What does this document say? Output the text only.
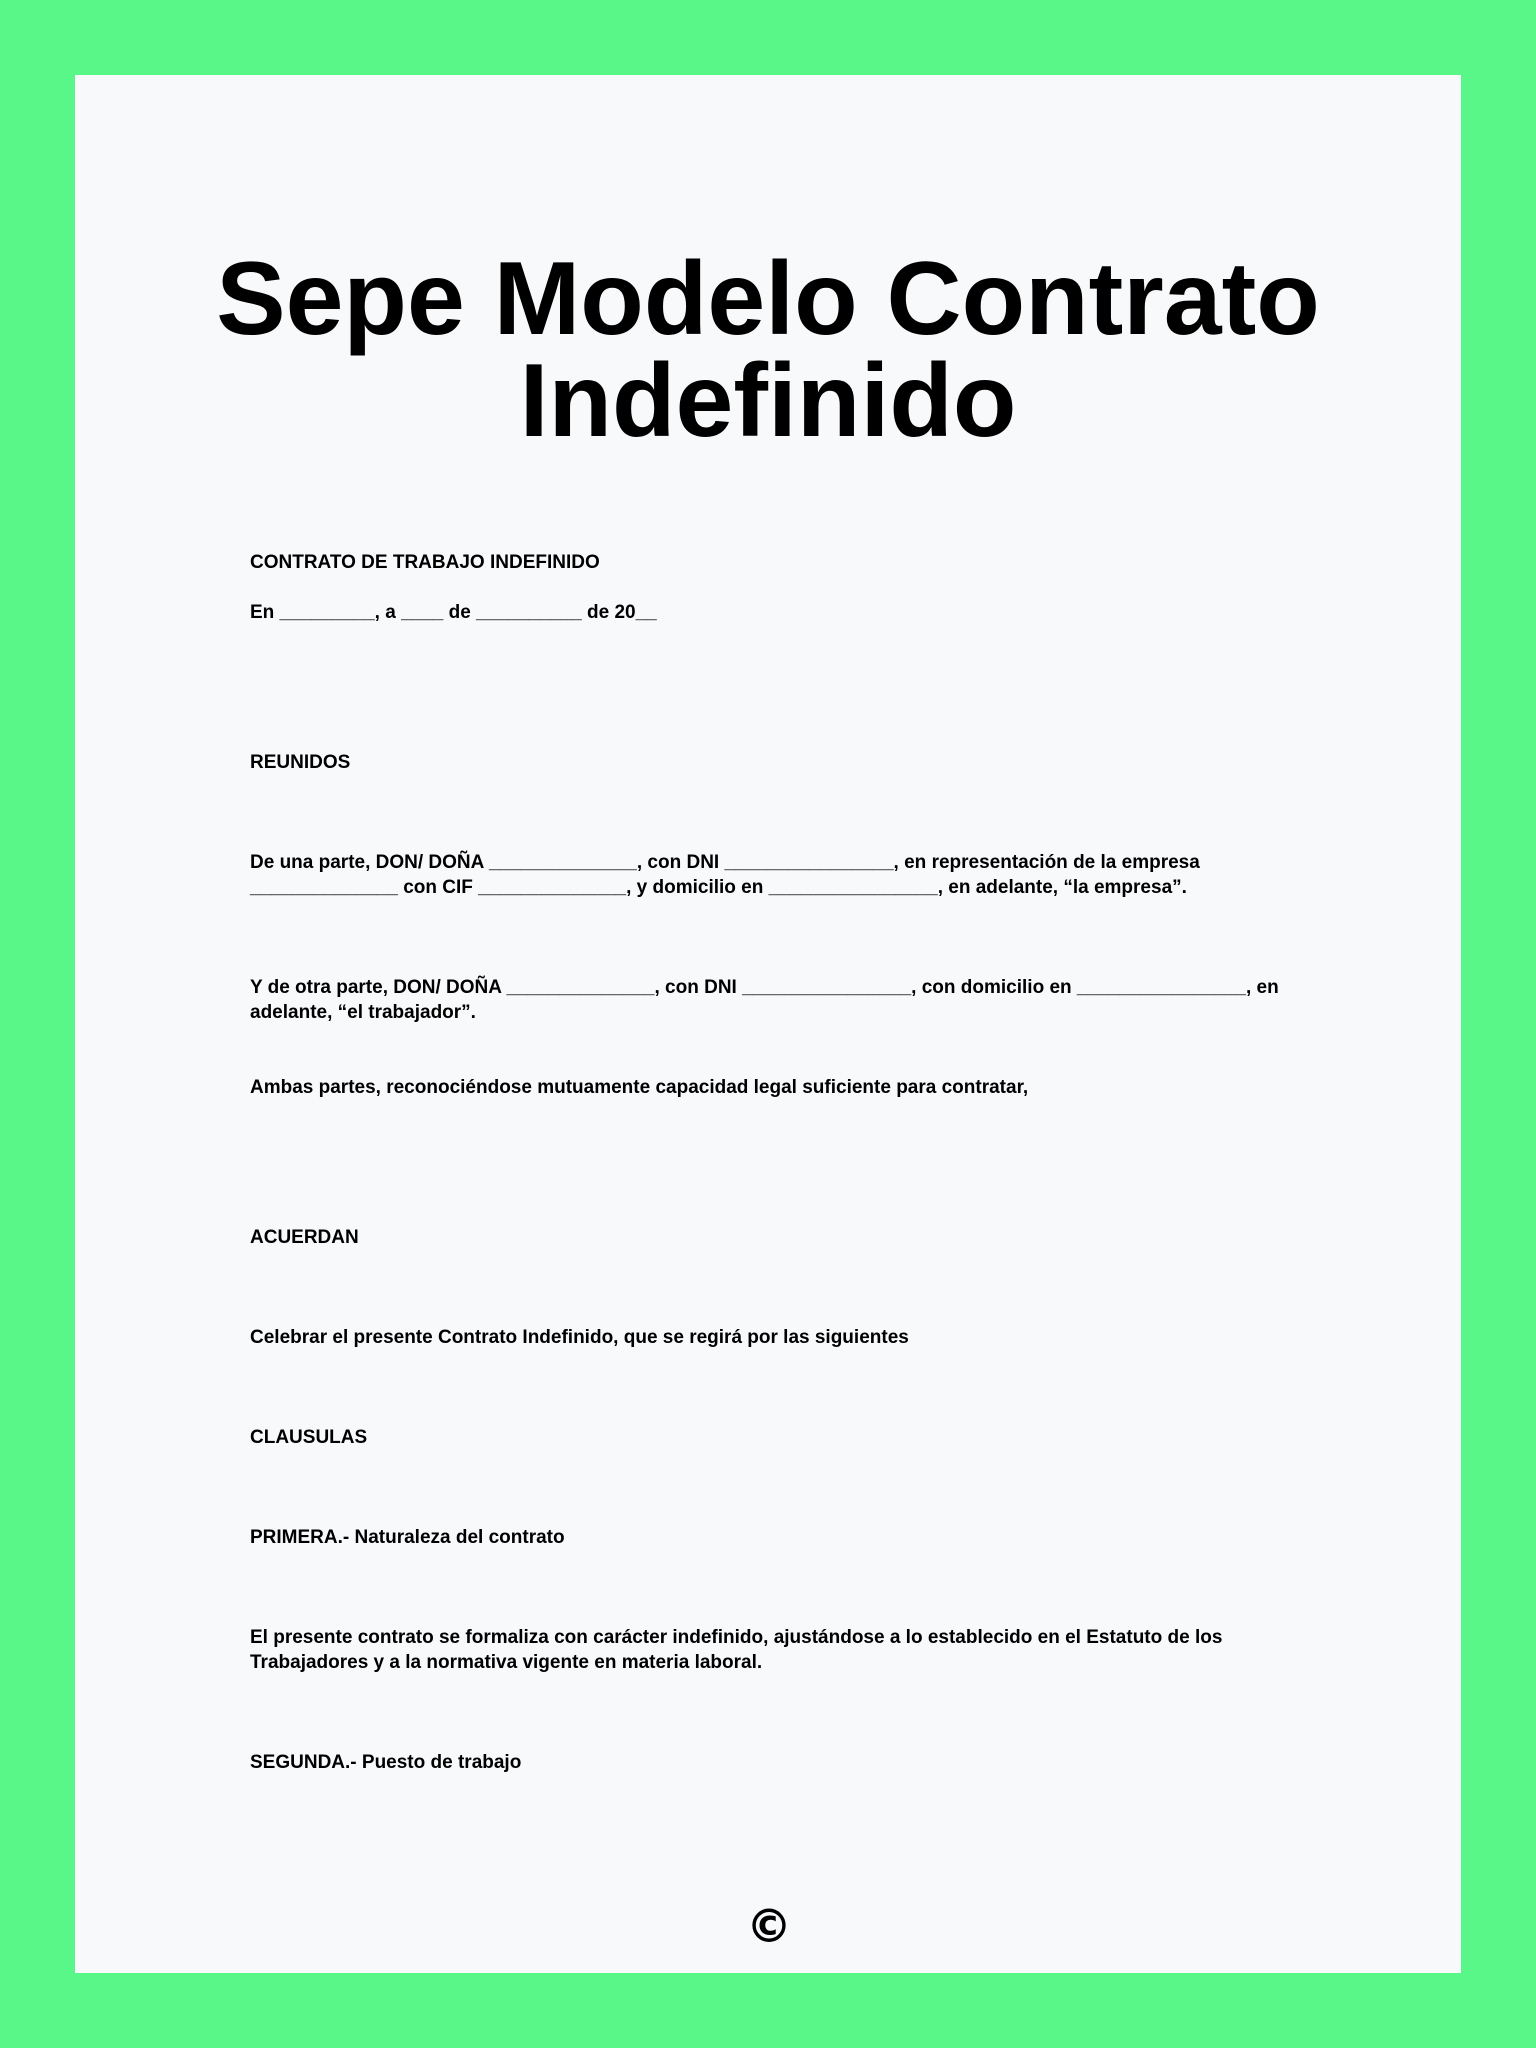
Sepe Modelo Contrato
Indefinido

CONTRATO DE TRABAJO INDEFINIDO

En _________, a ____ de __________ de 20__

REUNIDOS

De una parte, DON/ DOÑA ______________, con DNI ________________, en representación de la empresa ______________ con CIF ______________, y domicilio en ________________, en adelante, “la empresa”.

Y de otra parte, DON/ DOÑA ______________, con DNI ________________, con domicilio en ________________, en adelante, “el trabajador”.

Ambas partes, reconociéndose mutuamente capacidad legal suficiente para contratar,

ACUERDAN

Celebrar el presente Contrato Indefinido, que se regirá por las siguientes

CLAUSULAS

PRIMERA.- Naturaleza del contrato

El presente contrato se formaliza con carácter indefinido, ajustándose a lo establecido en el Estatuto de los Trabajadores y a la normativa vigente en materia laboral.

SEGUNDA.- Puesto de trabajo

©
